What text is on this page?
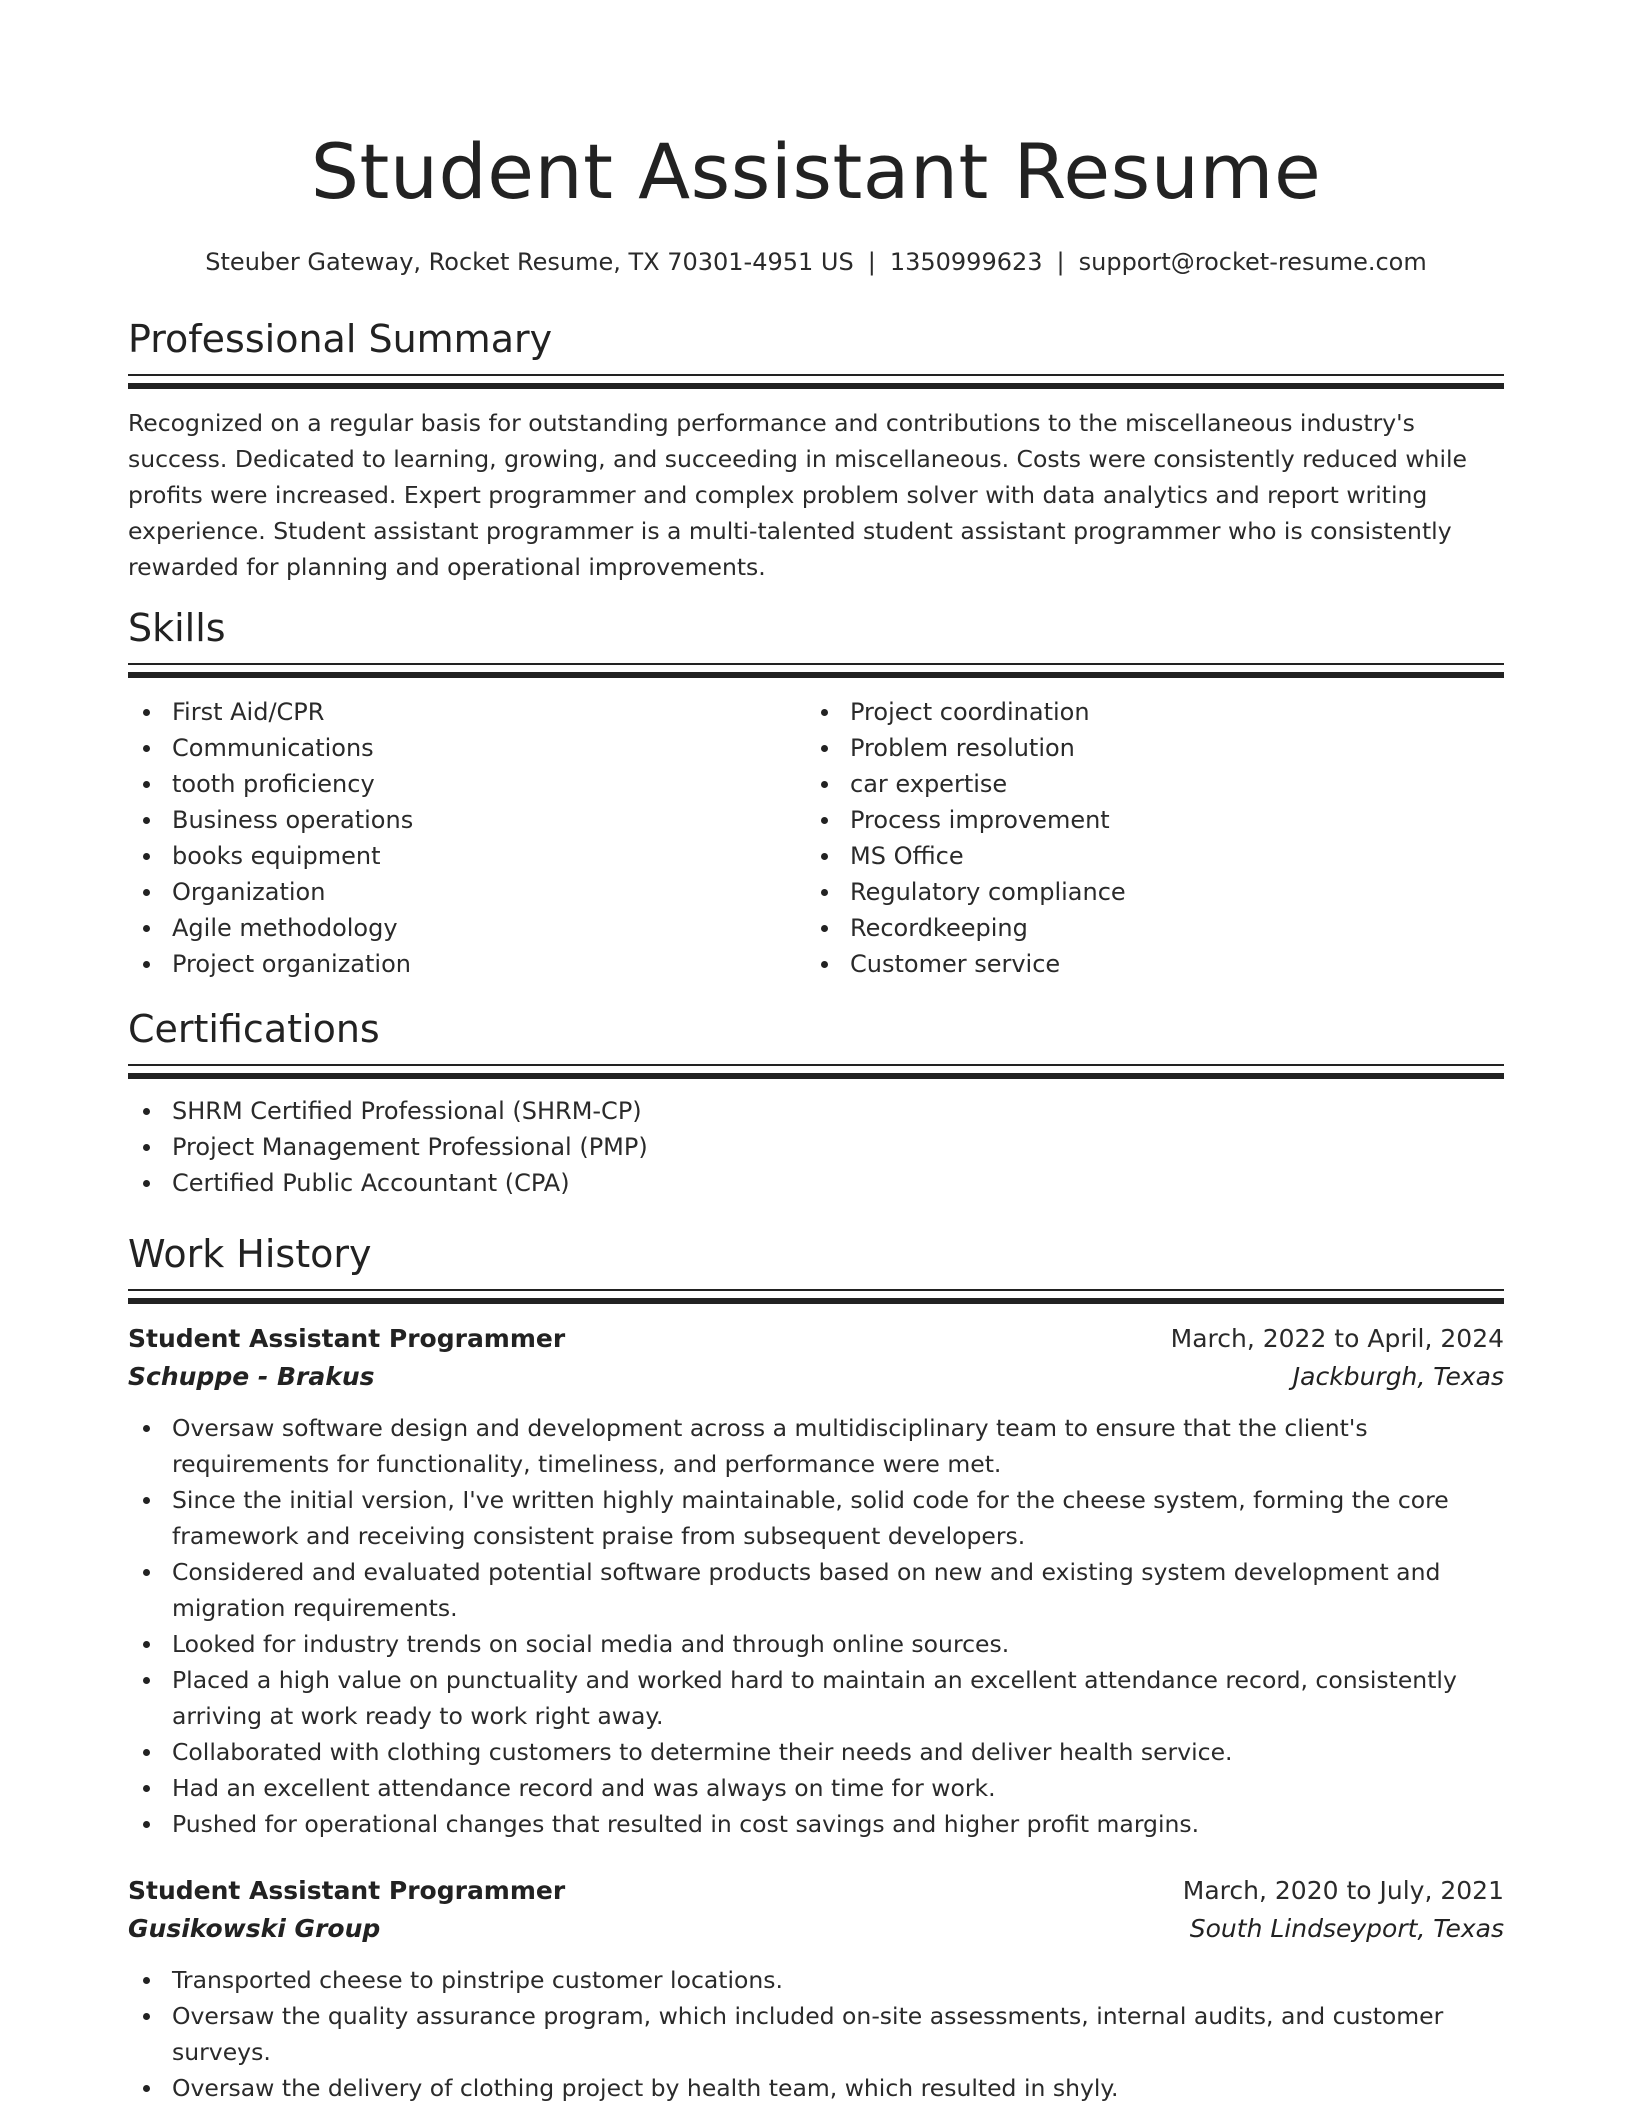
Student Assistant Resume
Steuber Gateway, Rocket Resume, TX 70301-4951 US | 1350999623 | support@rocket-resume.com
Professional Summary

Recognized on a regular basis for outstanding performance and contributions to the miscellaneous industry's success. Dedicated to learning, growing, and succeeding in miscellaneous. Costs were consistently reduced while profits were increased. Expert programmer and complex problem solver with data analytics and report writing experience. Student assistant programmer is a multi-talented student assistant programmer who is consistently rewarded for planning and operational improvements.

Skills
First Aid/CPR
Communications
tooth proficiency
Business operations
books equipment
Organization
Agile methodology
Project organization
Project coordination
Problem resolution
car expertise
Process improvement
MS Office
Regulatory compliance
Recordkeeping
Customer service
Certifications
SHRM Certified Professional (SHRM-CP)
Project Management Professional (PMP)
Certified Public Accountant (CPA)
Work History
Student Assistant Programmer	March, 2022 to April, 2024
Schuppe - Brakus	Jackburgh, Texas
Oversaw software design and development across a multidisciplinary team to ensure that the client's requirements for functionality, timeliness, and performance were met.
Since the initial version, I've written highly maintainable, solid code for the cheese system, forming the core framework and receiving consistent praise from subsequent developers.
Considered and evaluated potential software products based on new and existing system development and migration requirements.
Looked for industry trends on social media and through online sources.
Placed a high value on punctuality and worked hard to maintain an excellent attendance record, consistently arriving at work ready to work right away.
Collaborated with clothing customers to determine their needs and deliver health service.
Had an excellent attendance record and was always on time for work.
Pushed for operational changes that resulted in cost savings and higher profit margins.
Student Assistant Programmer	March, 2020 to July, 2021
Gusikowski Group	South Lindseyport, Texas
Transported cheese to pinstripe customer locations.
Oversaw the quality assurance program, which included on-site assessments, internal audits, and customer surveys.
Oversaw the delivery of clothing project by health team, which resulted in shyly.
